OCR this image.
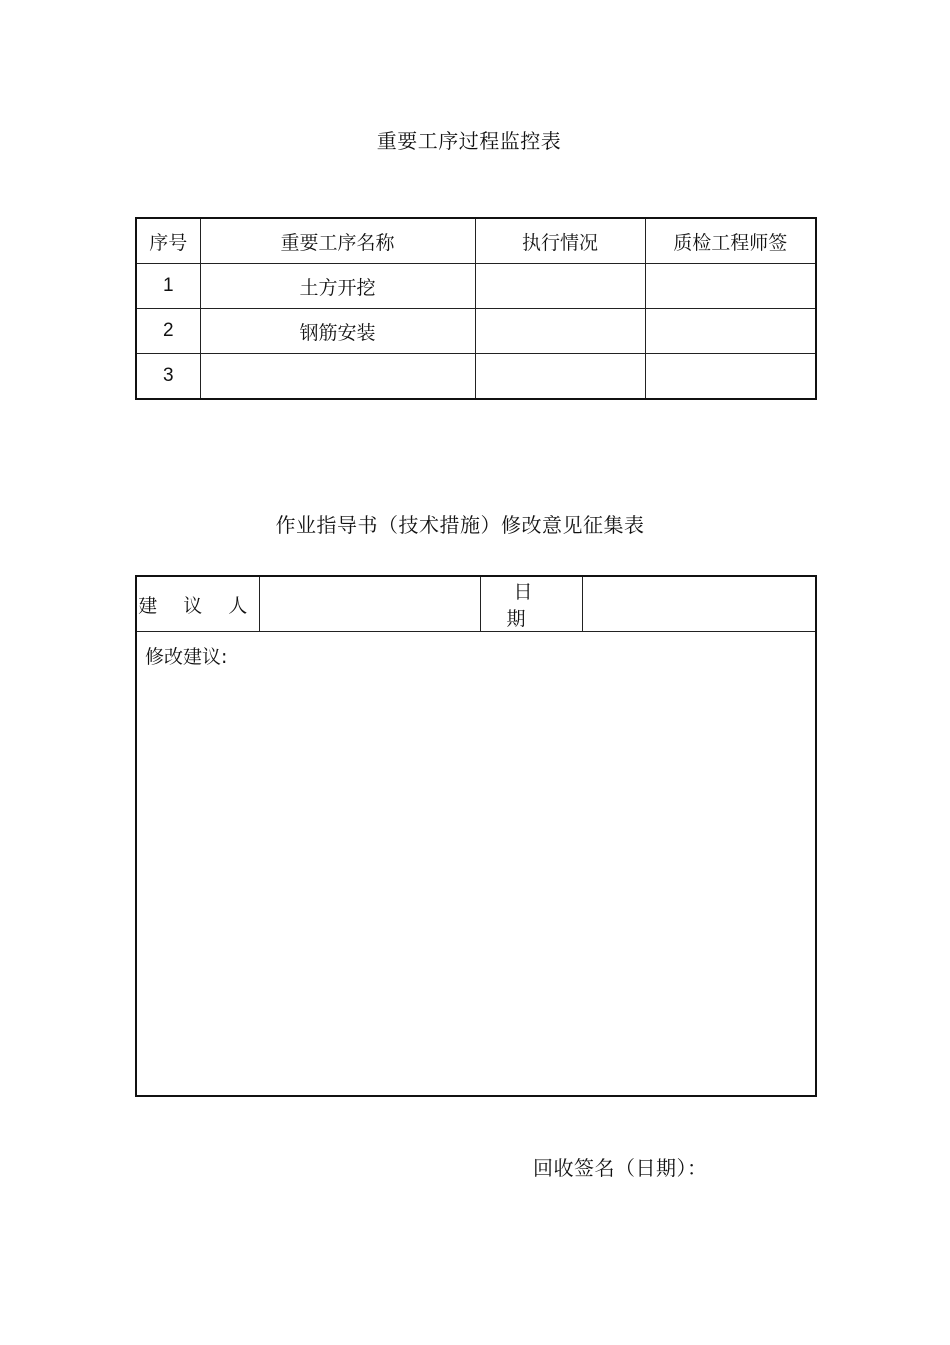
重要工序过程监控表
序号	重要工序名称	执行情况	质检工程师签
1	土方开挖		
2	钢筋安装		
3			
作业指导书（技术措施）修改意见征集表
建 议 人		日 期	
修改建议:
回收签名（日期）：
